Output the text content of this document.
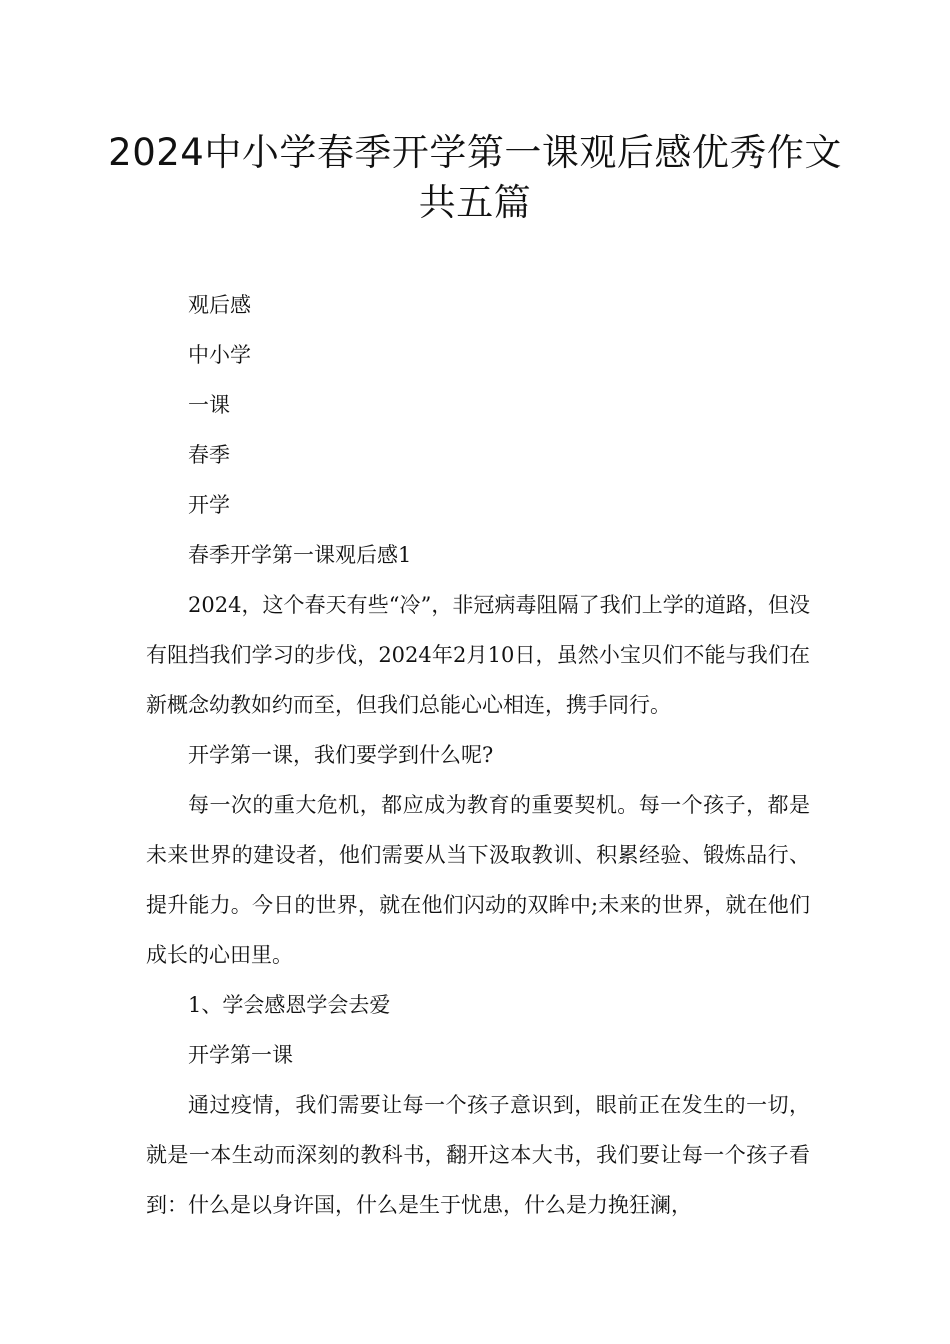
2024中小学春季开学第一课观后感优秀作文共五篇

观后感

中小学

一课

春季

开学

春季开学第一课观后感1

2024，这个春天有些“冷”，非冠病毒阻隔了我们上学的道路，但没有阻挡我们学习的步伐，2024年2月10日，虽然小宝贝们不能与我们在新概念幼教如约而至，但我们总能心心相连，携手同行。

开学第一课，我们要学到什么呢?

每一次的重大危机，都应成为教育的重要契机。每一个孩子，都是未来世界的建设者，他们需要从当下汲取教训、积累经验、锻炼品行、提升能力。今日的世界，就在他们闪动的双眸中;未来的世界，就在他们成长的心田里。

1、学会感恩学会去爱

开学第一课

通过疫情，我们需要让每一个孩子意识到，眼前正在发生的一切，就是一本生动而深刻的教科书，翻开这本大书，我们要让每一个孩子看到：什么是以身许国，什么是生于忧患，什么是力挽狂澜，
